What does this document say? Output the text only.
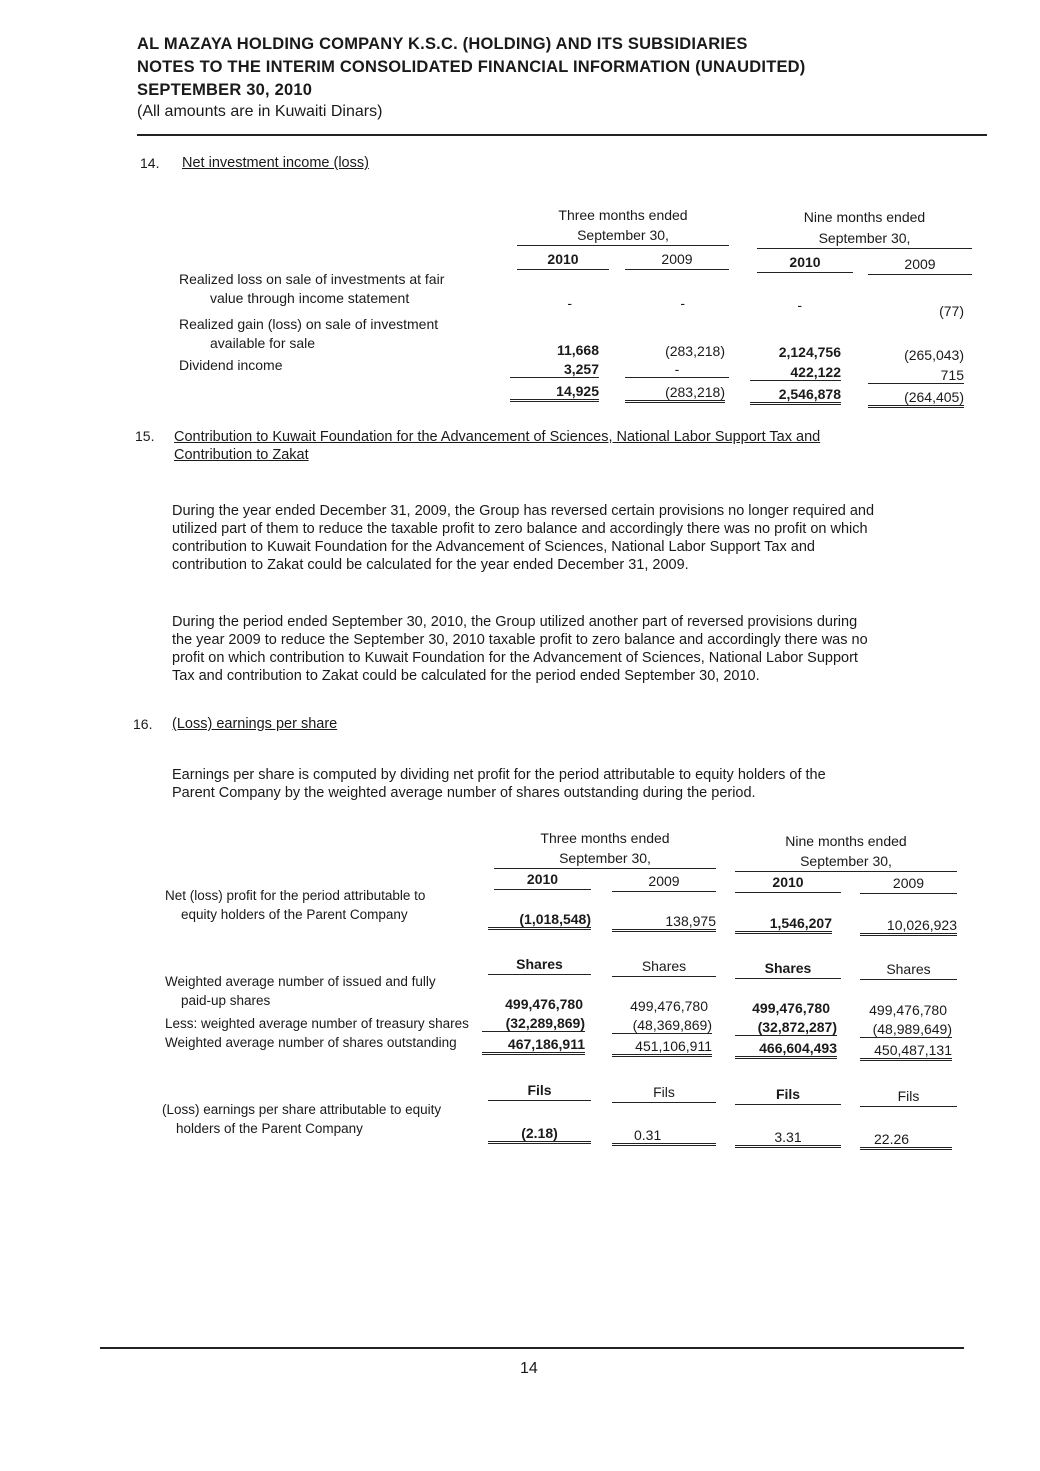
AL MAZAYA HOLDING COMPANY K.S.C. (HOLDING) AND ITS SUBSIDIARIES
NOTES TO THE INTERIM CONSOLIDATED FINANCIAL INFORMATION (UNAUDITED)
SEPTEMBER 30, 2010
(All amounts are in Kuwaiti Dinars)
14. Net investment income (loss)
Three months ended
September 30,
Nine months ended
September 30,
2010	2009	2010	2009
Realized loss on sale of investments at fair
value through income statement	-	-	-	(77)
Realized gain (loss) on sale of investment
available for sale	11,668	(283,218)	2,124,756	(265,043)
Dividend income	3,257	-	422,122	715
14,925	(283,218)	2,546,878	(264,405)
15. Contribution to Kuwait Foundation for the Advancement of Sciences, National Labor Support Tax and
Contribution to Zakat
During the year ended December 31, 2009, the Group has reversed certain provisions no longer required and
utilized part of them to reduce the taxable profit to zero balance and accordingly there was no profit on which
contribution to Kuwait Foundation for the Advancement of Sciences, National Labor Support Tax and
contribution to Zakat could be calculated for the year ended December 31, 2009.
During the period ended September 30, 2010, the Group utilized another part of reversed provisions during
the year 2009 to reduce the September 30, 2010 taxable profit to zero balance and accordingly there was no
profit on which contribution to Kuwait Foundation for the Advancement of Sciences, National Labor Support
Tax and contribution to Zakat could be calculated for the period ended September 30, 2010.
16. (Loss) earnings per share
Earnings per share is computed by dividing net profit for the period attributable to equity holders of the
Parent Company by the weighted average number of shares outstanding during the period.
Three months ended
September 30,
Nine months ended
September 30,
2010	2009	2010	2009
Net (loss) profit for the period attributable to
equity holders of the Parent Company	(1,018,548)	138,975	1,546,207	10,026,923
Shares	Shares	Shares	Shares
Weighted average number of issued and fully
paid-up shares	499,476,780	499,476,780	499,476,780	499,476,780
Less: weighted average number of treasury shares	(32,289,869)	(48,369,869)	(32,872,287)	(48,989,649)
Weighted average number of shares outstanding	467,186,911	451,106,911	466,604,493	450,487,131
Fils	Fils	Fils	Fils
(Loss) earnings per share attributable to equity
holders of the Parent Company	(2.18)	0.31	3.31	22.26
14
